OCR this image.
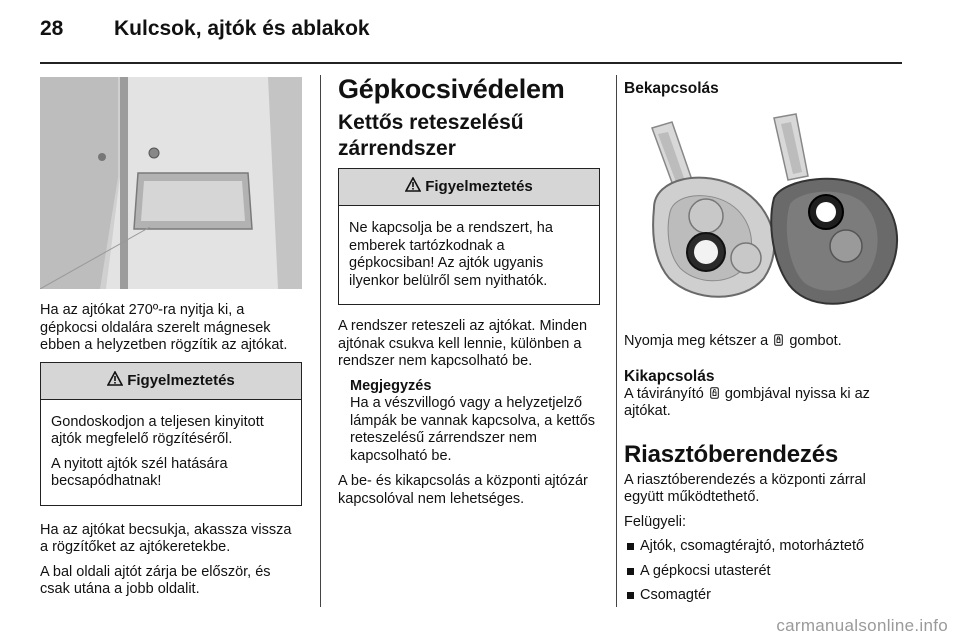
28 Kulcsok, ajtók és ablakok

Ha az ajtókat 270º-ra nyitja ki, a gépkocsi oldalára szerelt mágnesek ebben a helyzetben rögzítik az ajtókat.

Figyelmeztetés

Gondoskodjon a teljesen kinyitott ajtók megfelelő rögzítéséről.

A nyitott ajtók szél hatására becsapódhatnak!

Ha az ajtókat becsukja, akassza vissza a rögzítőket az ajtókeretekbe.

A bal oldali ajtót zárja be először, és csak utána a jobb oldalit.

Gépkocsivédelem
Kettős reteszelésű zárrendszer
Figyelmeztetés

Ne kapcsolja be a rendszert, ha emberek tartózkodnak a gépkocsiban! Az ajtók ugyanis ilyenkor belülről sem nyithatók.

A rendszer reteszeli az ajtókat. Minden ajtónak csukva kell lennie, különben a rendszer nem kapcsolható be.

Megjegyzés
Ha a vészvillogó vagy a helyzetjelző lámpák be vannak kapcsolva, a kettős reteszelésű zárrendszer nem kapcsolható be.

A be- és kikapcsolás a központi ajtózár kapcsolóval nem lehetséges.

Bekapcsolás

Nyomja meg kétszer a gombot.

Kikapcsolás

A távirányító gombjával nyissa ki az ajtókat.

Riasztóberendezés

A riasztóberendezés a központi zárral együtt működtethető.

Felügyeli:

Ajtók, csomagtérajtó, motorháztető
A gépkocsi utasterét
Csomagtér
carmanualsonline.info
